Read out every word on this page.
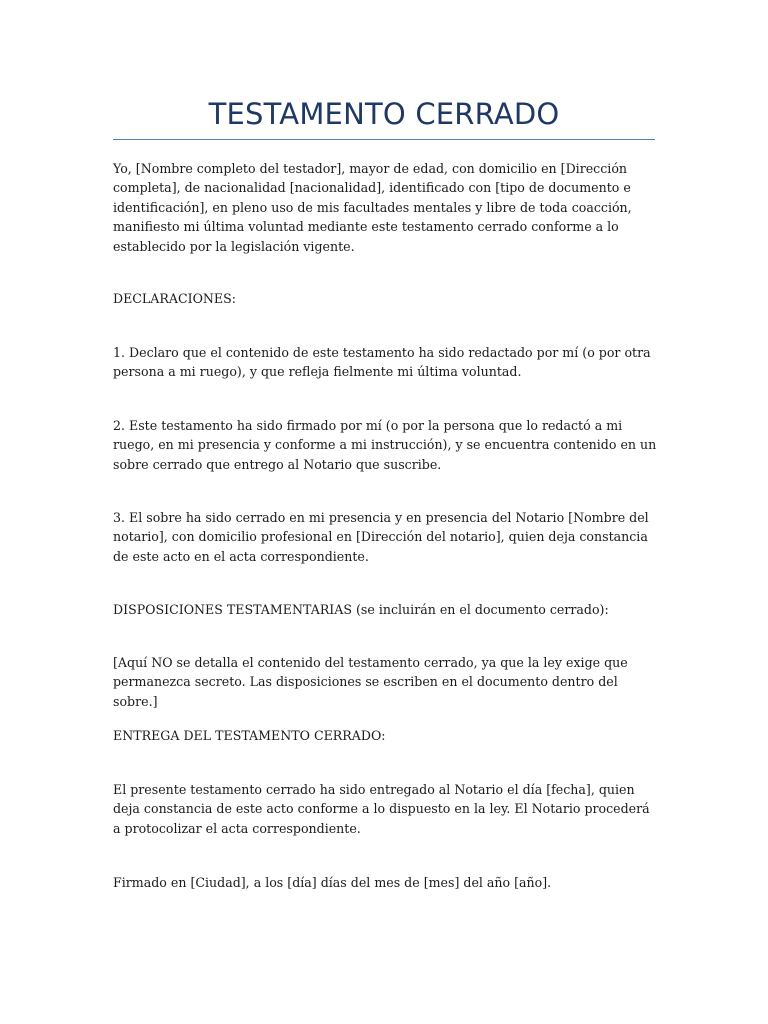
TESTAMENTO CERRADO

Yo, [Nombre completo del testador], mayor de edad, con domicilio en [Dirección completa], de nacionalidad [nacionalidad], identificado con [tipo de documento e identificación], en pleno uso de mis facultades mentales y libre de toda coacción, manifiesto mi última voluntad mediante este testamento cerrado conforme a lo establecido por la legislación vigente.

DECLARACIONES:

1. Declaro que el contenido de este testamento ha sido redactado por mí (o por otra persona a mi ruego), y que refleja fielmente mi última voluntad.

2. Este testamento ha sido firmado por mí (o por la persona que lo redactó a mi ruego, en mi presencia y conforme a mi instrucción), y se encuentra contenido en un sobre cerrado que entrego al Notario que suscribe.

3. El sobre ha sido cerrado en mi presencia y en presencia del Notario [Nombre del notario], con domicilio profesional en [Dirección del notario], quien deja constancia de este acto en el acta correspondiente.

DISPOSICIONES TESTAMENTARIAS (se incluirán en el documento cerrado):

[Aquí NO se detalla el contenido del testamento cerrado, ya que la ley exige que permanezca secreto. Las disposiciones se escriben en el documento dentro del sobre.]

ENTREGA DEL TESTAMENTO CERRADO:

El presente testamento cerrado ha sido entregado al Notario el día [fecha], quien deja constancia de este acto conforme a lo dispuesto en la ley. El Notario procederá a protocolizar el acta correspondiente.

Firmado en [Ciudad], a los [día] días del mes de [mes] del año [año].
